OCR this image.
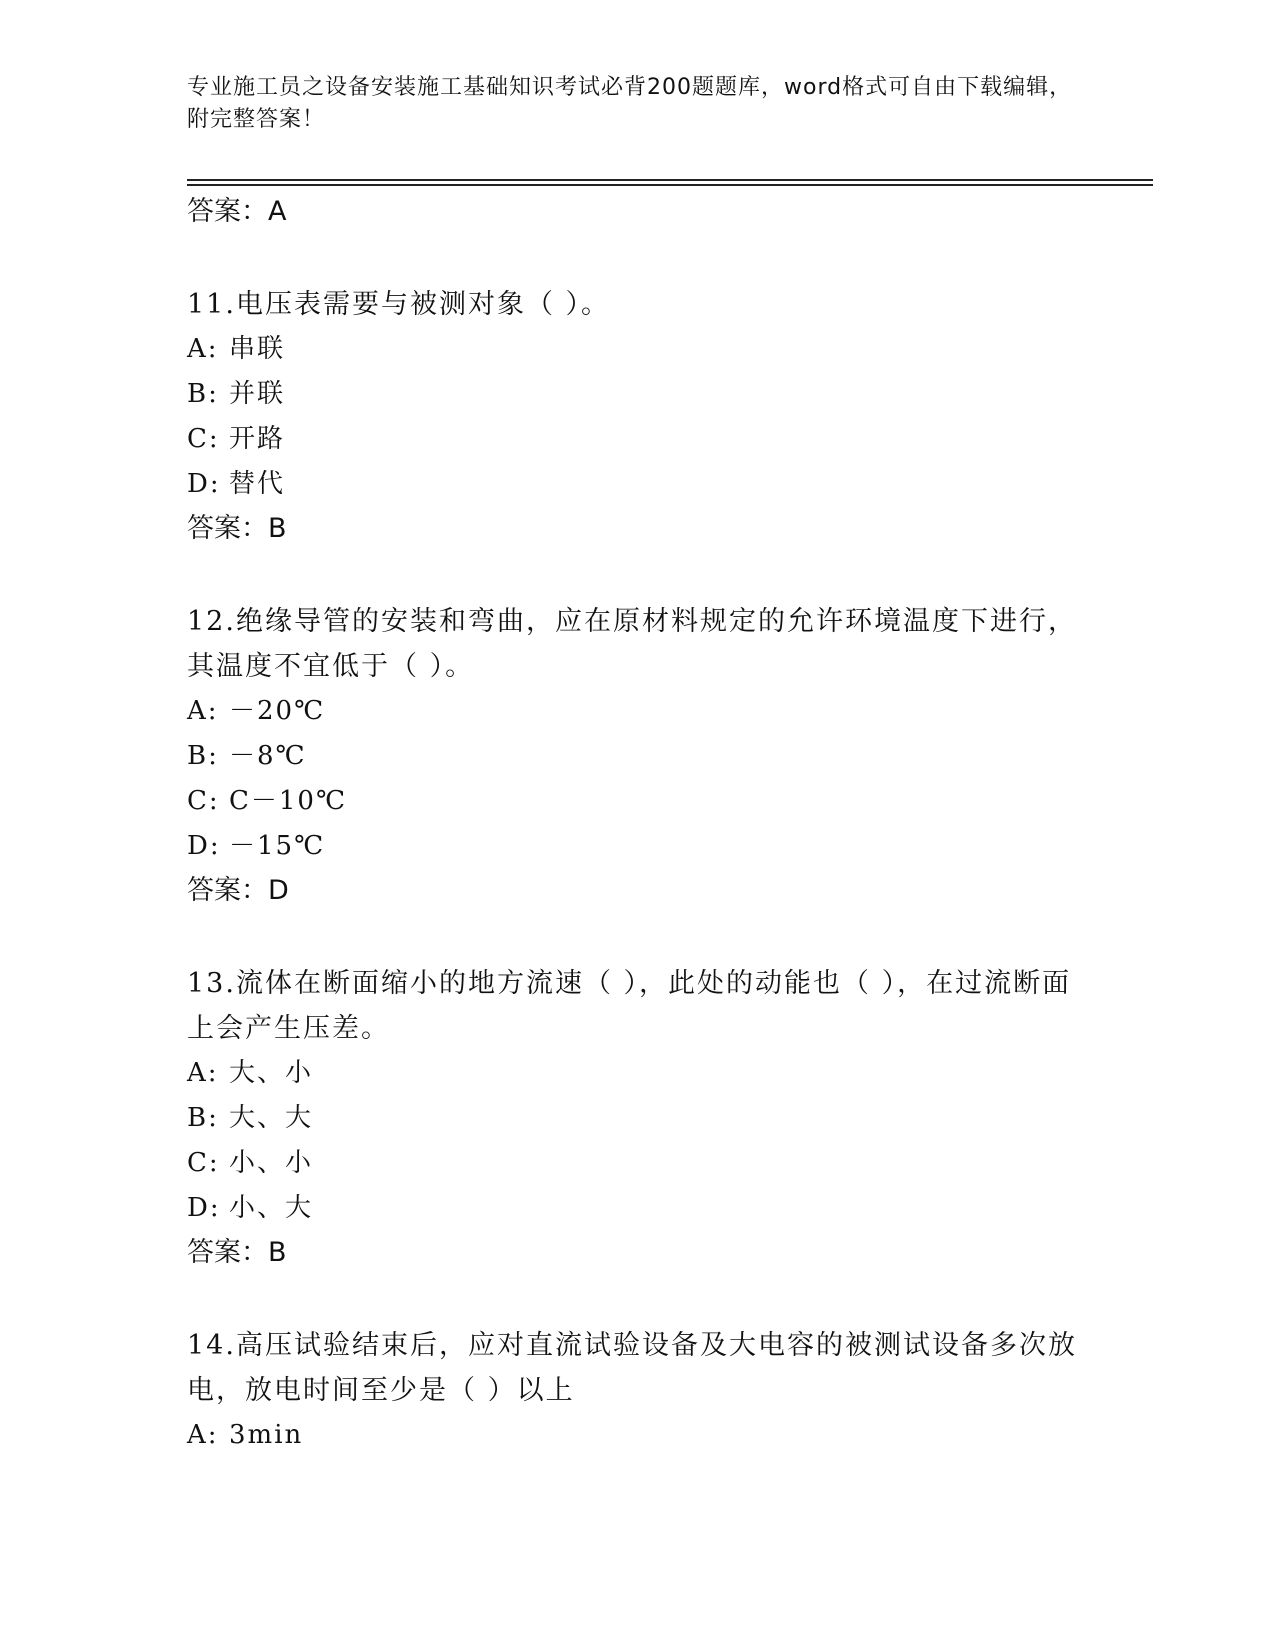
专业施工员之设备安装施工基础知识考试必背200题题库，word格式可自由下载编辑，附完整答案！
答案：A
11.电压表需要与被测对象（ ）。
A: 串联
B: 并联
C: 开路
D: 替代
答案：B
12.绝缘导管的安装和弯曲，应在原材料规定的允许环境温度下进行，其温度不宜低于（ ）。
A: －20℃
B: －8℃
C: C－10℃
D: －15℃
答案：D
13.流体在断面缩小的地方流速（ ），此处的动能也（ ），在过流断面上会产生压差。
A: 大、小
B: 大、大
C: 小、小
D: 小、大
答案：B
14.高压试验结束后，应对直流试验设备及大电容的被测试设备多次放电，放电时间至少是（ ）以上
A: 3min
